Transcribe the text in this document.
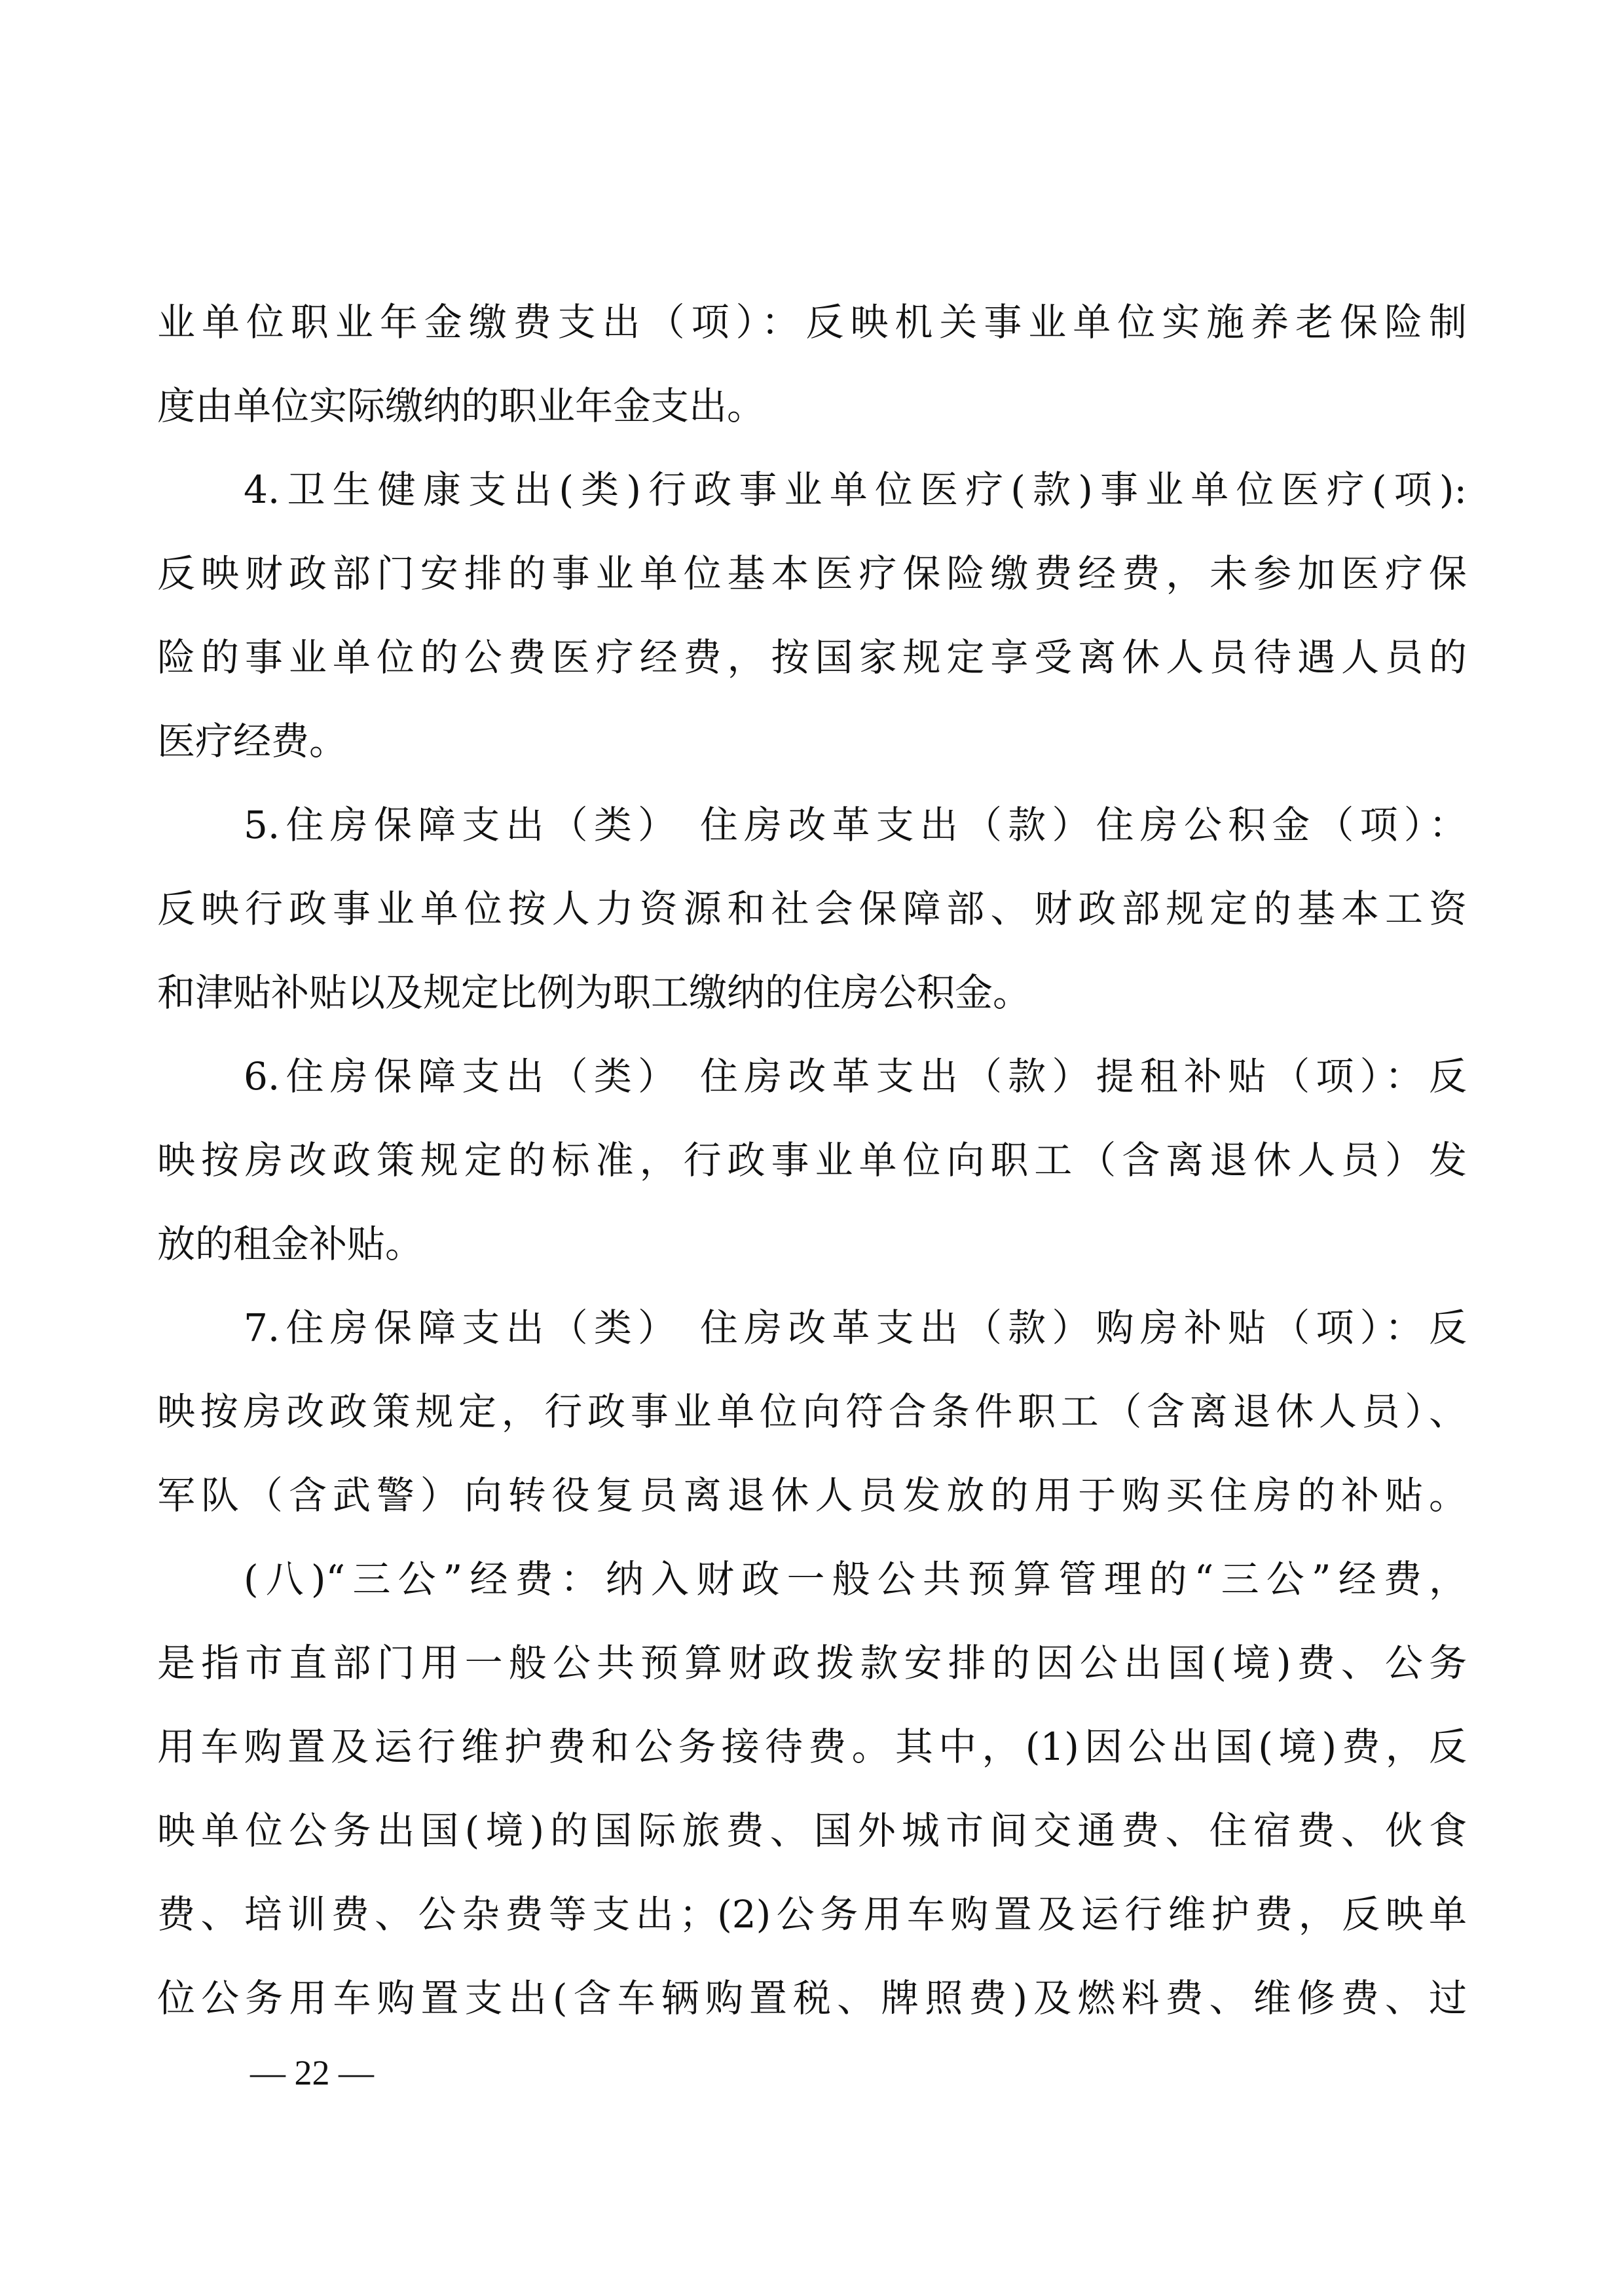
业单位职业年金缴费支出（项）：反映机关事业单位实施养老保险制
度由单位实际缴纳的职业年金支出。
4.卫生健康支出(类)行政事业单位医疗(款)事业单位医疗(项):
反映财政部门安排的事业单位基本医疗保险缴费经费，未参加医疗保
险的事业单位的公费医疗经费，按国家规定享受离休人员待遇人员的
医疗经费。
5.住房保障支出（类） 住房改革支出（款）住房公积金（项）：
反映行政事业单位按人力资源和社会保障部、财政部规定的基本工资
和津贴补贴以及规定比例为职工缴纳的住房公积金。
6.住房保障支出（类） 住房改革支出（款）提租补贴（项）：反
映按房改政策规定的标准，行政事业单位向职工（含离退休人员）发
放的租金补贴。
7.住房保障支出（类） 住房改革支出（款）购房补贴（项）：反
映按房改政策规定，行政事业单位向符合条件职工（含离退休人员）、
军队（含武警）向转役复员离退休人员发放的用于购买住房的补贴。
(八)“三公”经费：纳入财政一般公共预算管理的“三公”经费，
是指市直部门用一般公共预算财政拨款安排的因公出国(境)费、公务
用车购置及运行维护费和公务接待费。其中，(1)因公出国(境)费，反
映单位公务出国(境)的国际旅费、国外城市间交通费、住宿费、伙食
费、培训费、公杂费等支出；(2)公务用车购置及运行维护费，反映单
位公务用车购置支出(含车辆购置税、牌照费)及燃料费、维修费、过
— 22 —
